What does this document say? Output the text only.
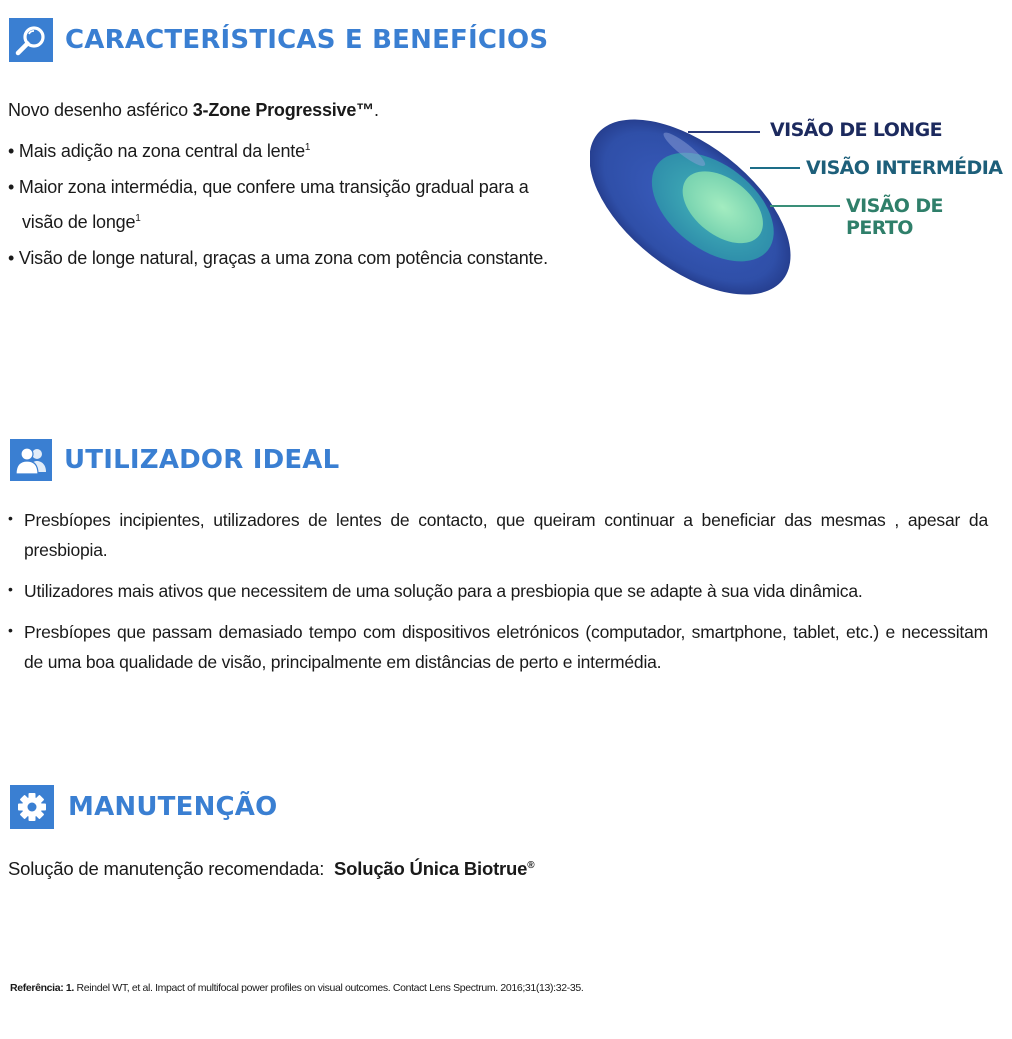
CARACTERÍSTICAS E BENEFÍCIOS
Novo desenho asférico 3-Zone Progressive™.
• Mais adição na zona central da lente$^1$
• Maior zona intermédia, que confere uma transição gradual para a
visão de longe$^1$
• Visão de longe natural, graças a uma zona com potência constante.
VISÃO DE LONGE
VISÃO INTERMÉDIA
VISÃO DE PERTO
UTILIZADOR IDEAL
• Presbíopes incipientes, utilizadores de lentes de contacto, que queiram continuar a beneficiar das mesmas , apesar da presbiopia.
• Utilizadores mais ativos que necessitem de uma solução para a presbiopia que se adapte à sua vida dinâmica.
• Presbíopes que passam demasiado tempo com dispositivos eletrónicos (computador, smartphone, tablet, etc.) e necessitam de uma boa qualidade de visão, principalmente em distâncias de perto e intermédia.
MANUTENÇÃO
Solução de manutenção recomendada: Solução Única Biotrue®
Referência: 1. Reindel WT, et al. Impact of multifocal power profiles on visual outcomes. Contact Lens Spectrum. 2016;31(13):32-35.
